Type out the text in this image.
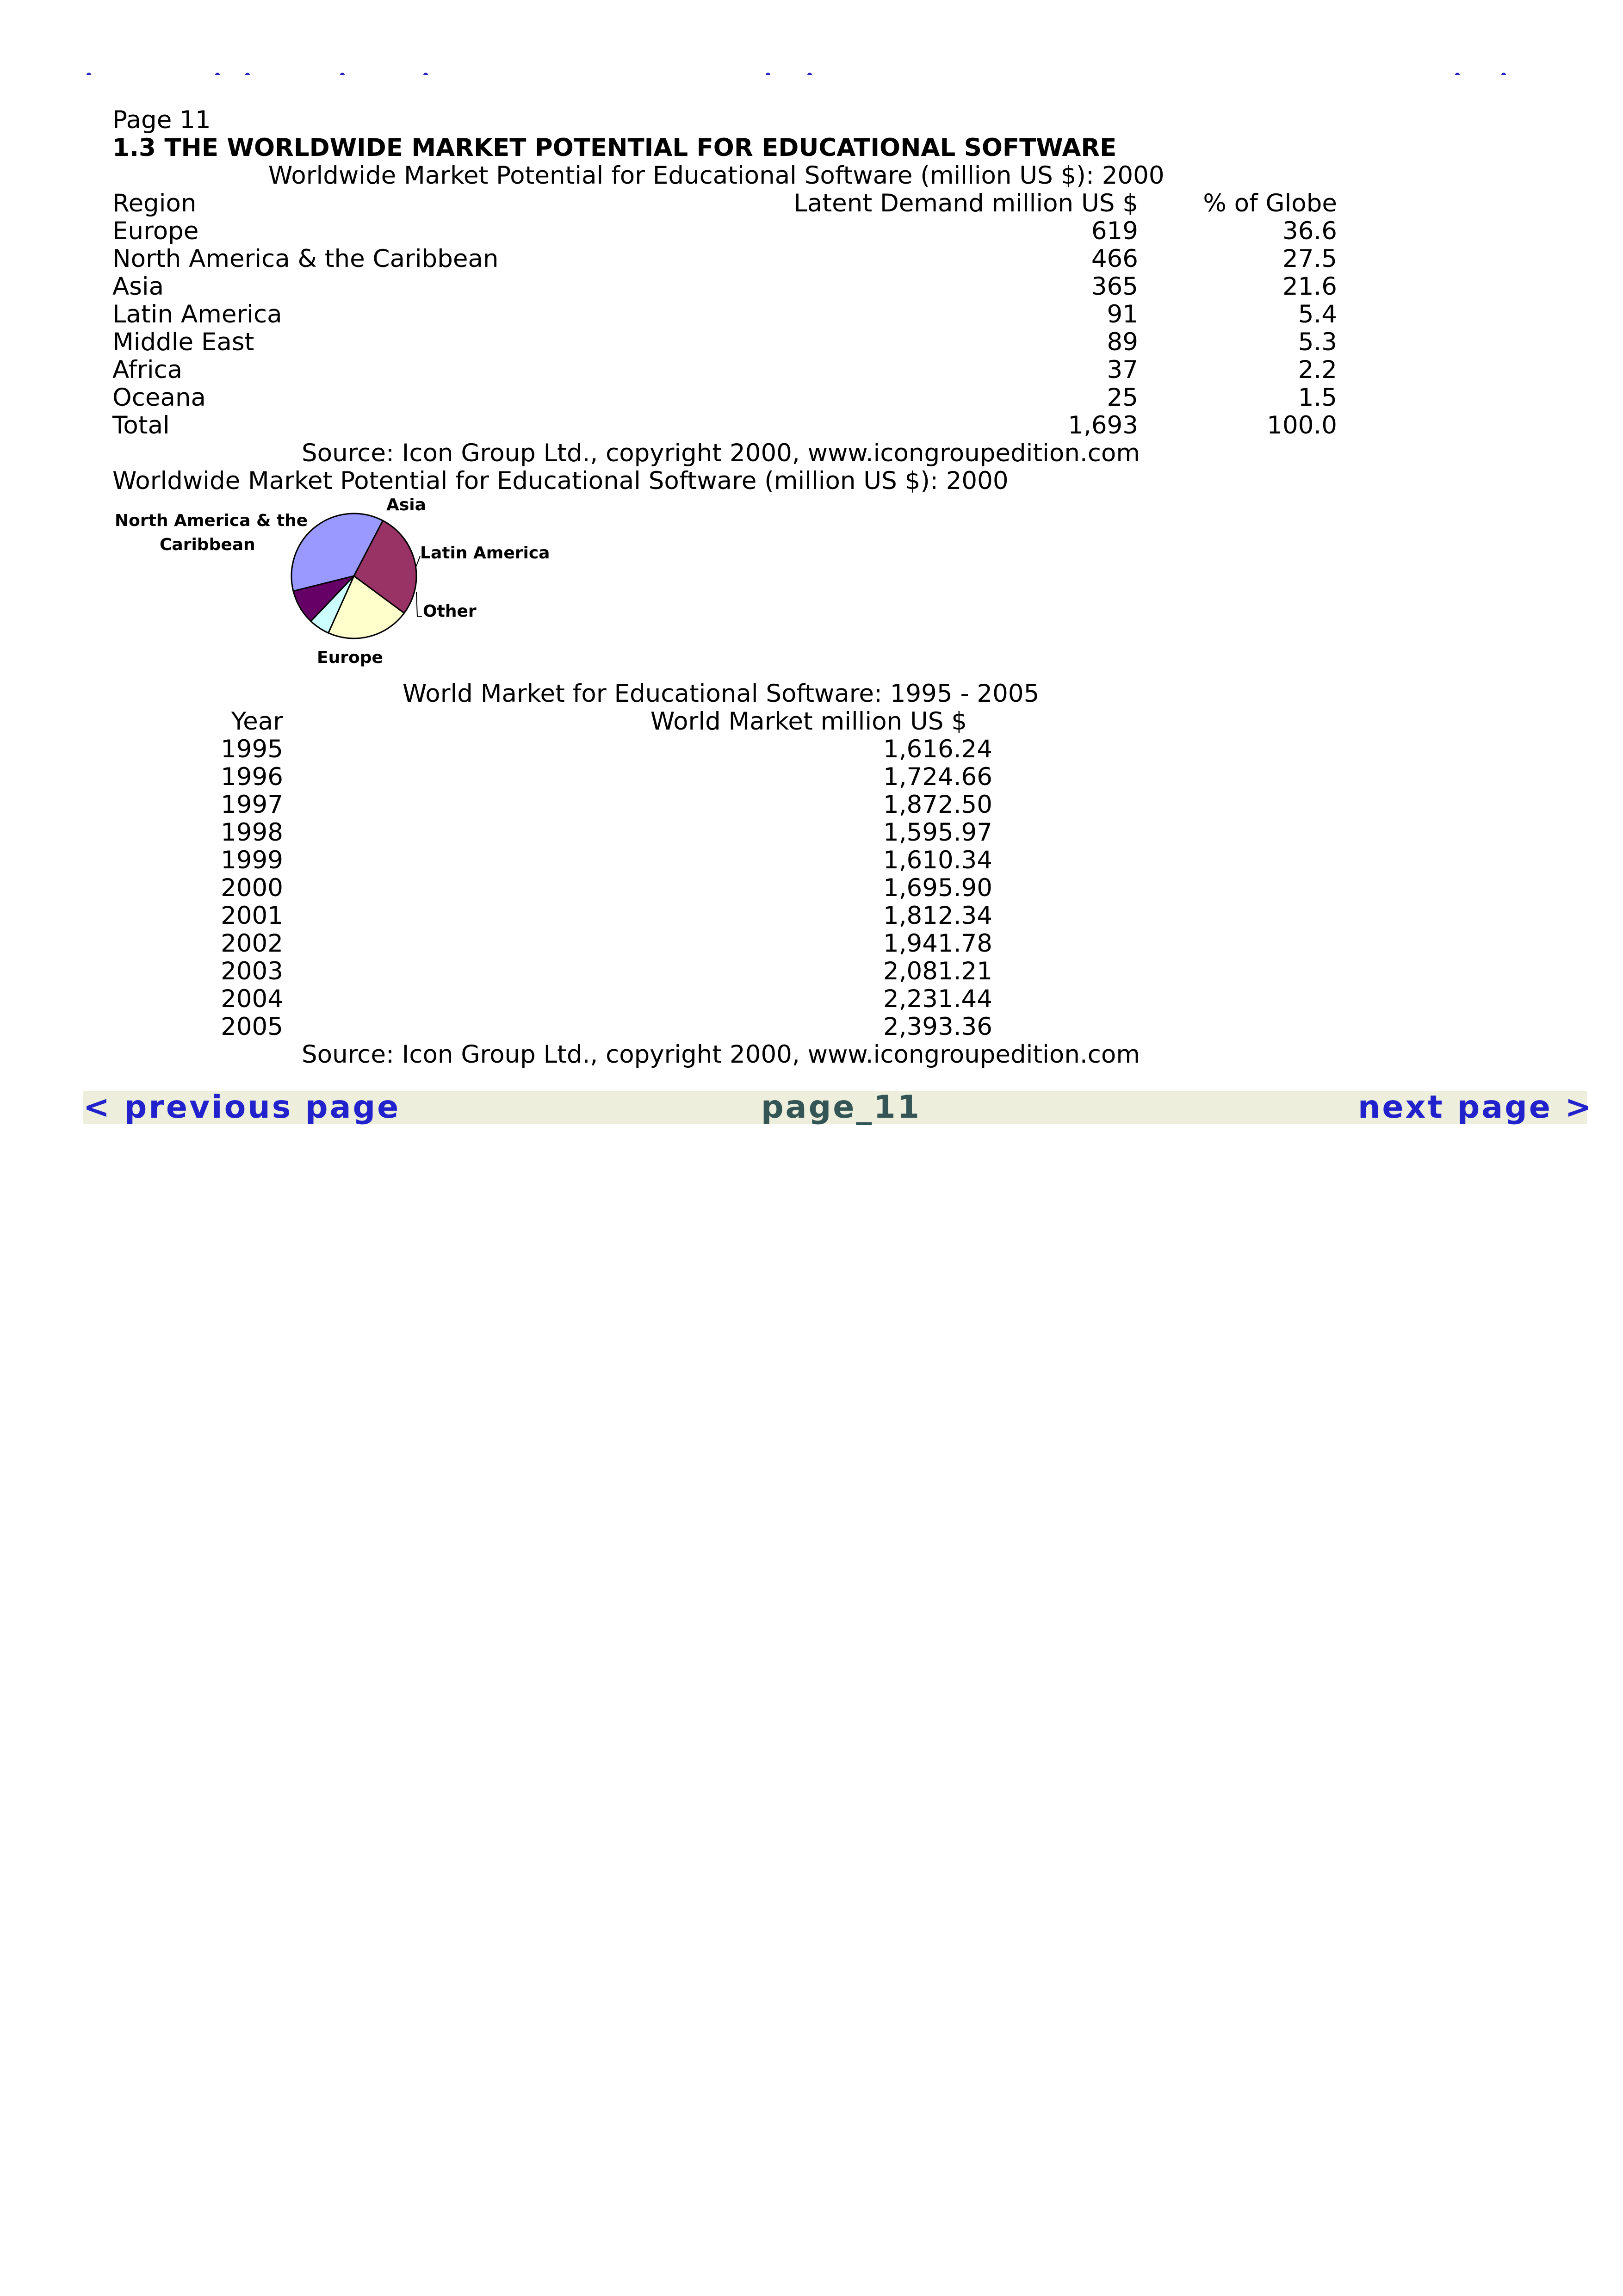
Page 11
1.3 THE WORLDWIDE MARKET POTENTIAL FOR EDUCATIONAL SOFTWARE
Worldwide Market Potential for Educational Software (million US $): 2000
Region	Latent Demand million US $	% of Globe
Europe	619	36.6
North America & the Caribbean	466	27.5
Asia	365	21.6
Latin America	91	5.4
Middle East	89	5.3
Africa	37	2.2
Oceana	25	1.5
Total	1,693	100.0
Source: Icon Group Ltd., copyright 2000, www.icongroupedition.com
Worldwide Market Potential for Educational Software (million US $): 2000
North America & the
Caribbean
Asia
Latin America
Other
Europe
World Market for Educational Software: 1995 - 2005
Year	World Market million US $
1995	1,616.24
1996	1,724.66
1997	1,872.50
1998	1,595.97
1999	1,610.34
2000	1,695.90
2001	1,812.34
2002	1,941.78
2003	2,081.21
2004	2,231.44
2005	2,393.36
Source: Icon Group Ltd., copyright 2000, www.icongroupedition.com
< previous page	page_11	next page >
